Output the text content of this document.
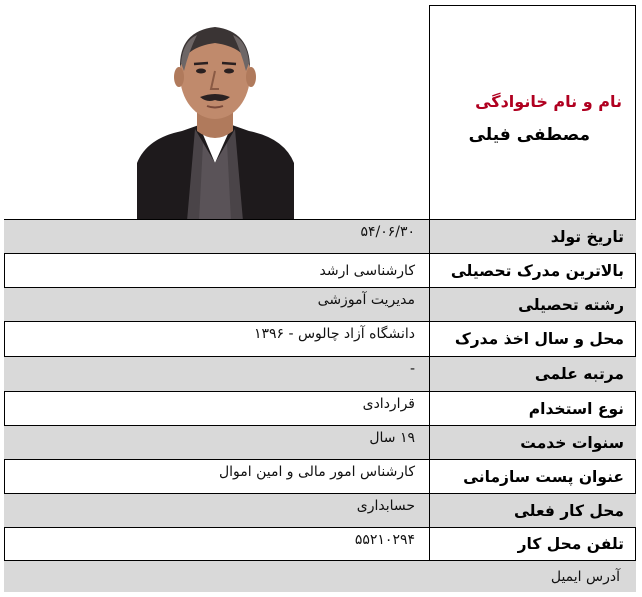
نام و نام خانوادگی
مصطفی فیلی
تاریخ تولد
۵۴/۰۶/۳۰
بالاترین مدرک تحصیلی
کارشناسی ارشد
رشته تحصیلی
مدیریت آموزشی
محل و سال اخذ مدرک
دانشگاه آزاد چالوس - ۱۳۹۶
مرتبه علمی
-
نوع استخدام
قراردادی
سنوات خدمت
۱۹ سال
عنوان پست سازمانی
کارشناس امور مالی و امین اموال
محل کار فعلی
حسابداری
تلفن محل کار
۵۵۲۱۰۲۹۴
آدرس ایمیل
